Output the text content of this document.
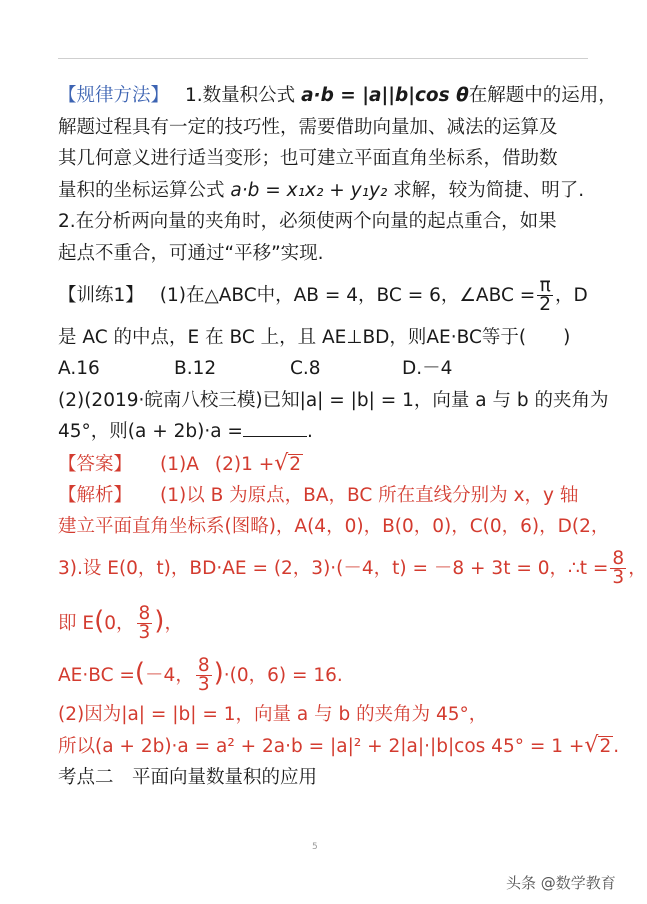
【规律方法】 1.数量积公式 a·b = |a||b|cos θ在解题中的运用，
解题过程具有一定的技巧性，需要借助向量加、减法的运算及
其几何意义进行适当变形；也可建立平面直角坐标系，借助数
量积的坐标运算公式 a·b = x₁x₂ + y₁y₂ 求解，较为简捷、明了.
2.在分析两向量的夹角时，必须使两个向量的起点重合，如果
起点不重合，可通过“平移”实现.
【训练1】 (1)在△ABC中，AB = 4，BC = 6，∠ABC = $\frac{\pi}{2}$ ，D
是 AC 的中点，E 在 BC 上，且 AE⊥BD，则AE·BC等于(　　)
A.16	B.12	C.8	D.－4
(2)(2019·皖南八校三模)已知|a| = |b| = 1，向量 a 与 b 的夹角为
45°，则(a + 2b)·a =	.
【答案】 (1)A (2)1 +√2
【解析】 (1)以 B 为原点，BA，BC 所在直线分别为 x，y 轴
建立平面直角坐标系(图略)，A(4，0)，B(0，0)，C(0，6)，D(2，
3).设 E(0，t)，BD·AE = (2，3)·(－4，t) = －8 + 3t = 0，∴t = $\frac{8}{3}$ ，
即 E(0， $\frac{8}{3}$ )，
AE·BC =(－4， $\frac{8}{3} )\cdot(0$，6) = 16.
(2)因为|a| = |b| = 1，向量 a 与 b 的夹角为 45°，
所以(a + 2b)·a = a² + 2a·b = |a|² + 2|a|·|b|cos 45° = 1 +√2 .
考点二　平面向量数量积的应用
5
头条 @数学教育
